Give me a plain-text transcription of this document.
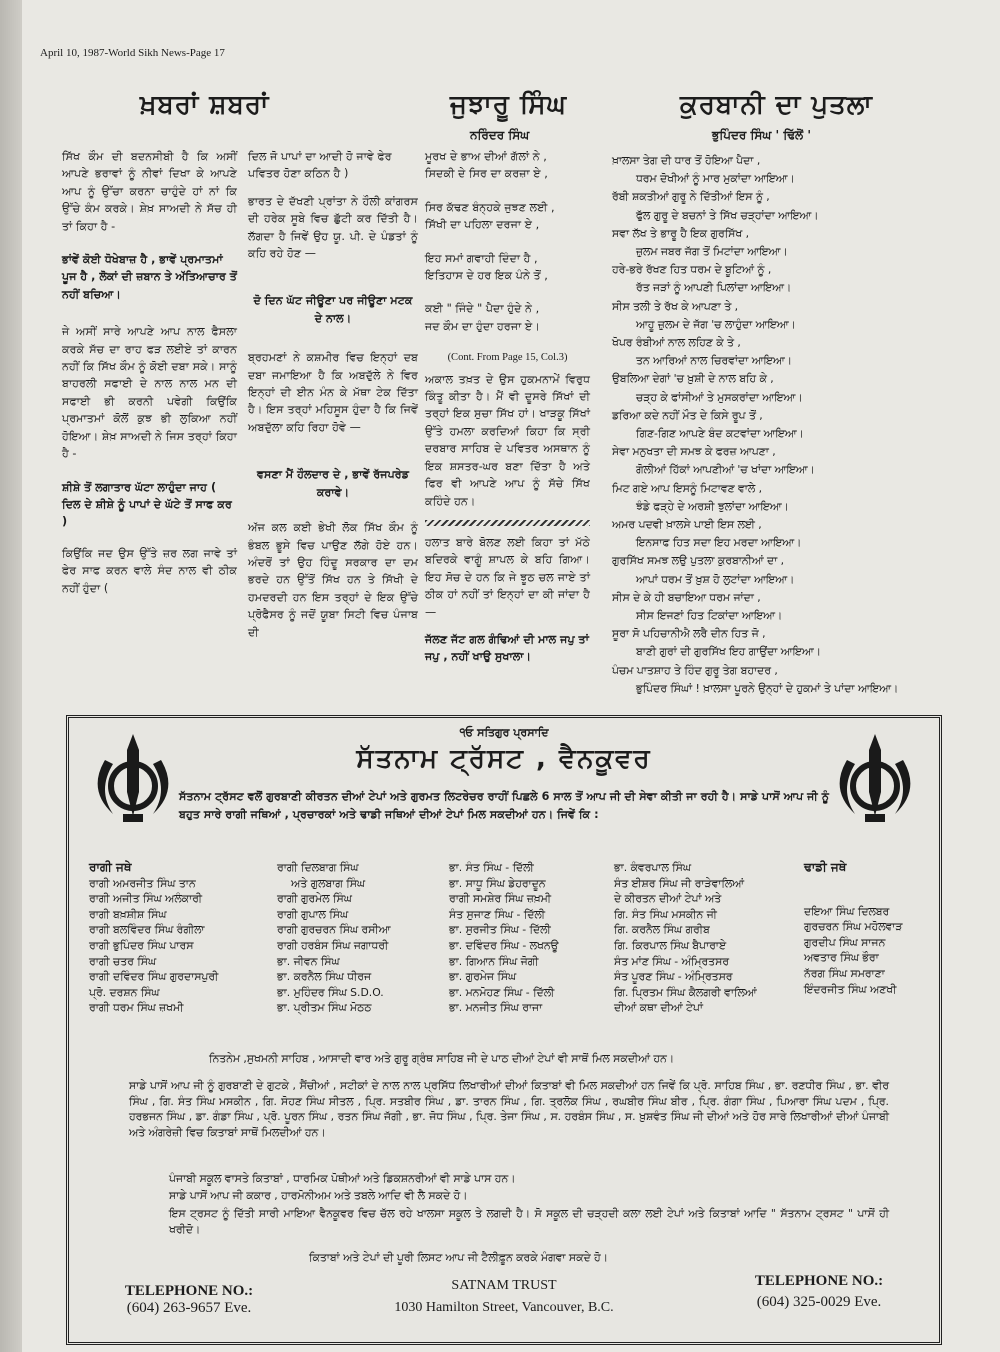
April 10, 1987-World Sikh News-Page 17
ਖ਼ਬਰਾਂ ਸ਼ਬਰਾਂ

ਸਿੱਖ ਕੌਮ ਦੀ ਬਦਨਸੀਬੀ ਹੈ ਕਿ ਅਸੀਂ ਆਪਣੇ ਭਰਾਵਾਂ ਨੂੰ ਨੀਵਾਂ ਦਿਖਾ ਕੇ ਆਪਣੇ ਆਪ ਨੂੰ ਉੱਚਾ ਕਰਨਾ ਚਾਹੁੰਦੇ ਹਾਂ ਨਾਂ ਕਿ ਉੱਚੇ ਕੰਮ ਕਰਕੇ। ਸ਼ੇਖ਼ ਸਾਅਦੀ ਨੇ ਸੱਚ ਹੀ ਤਾਂ ਕਿਹਾ ਹੈ -

ਭਾਂਵੇਂ ਕੋਈ ਧੋਖੇਬਾਜ਼ ਹੈ , ਭਾਵੇਂ ਪ੍ਰਮਾਤਮਾਂ ਪੂਜ ਹੈ , ਲੋਕਾਂ ਦੀ ਜ਼ਬਾਨ ਤੇ ਅੱਤਿਆਚਾਰ ਤੋਂ ਨਹੀਂ ਬਚਿਆ।

ਜੇ ਅਸੀਂ ਸਾਰੇ ਆਪਣੇ ਆਪ ਨਾਲ ਫੈਸਲਾ ਕਰਕੇ ਸੱਚ ਦਾ ਰਾਹ ਫੜ ਲਈਏ ਤਾਂ ਕਾਰਨ ਨਹੀਂ ਕਿ ਸਿੱਖ ਕੌਮ ਨੂੰ ਕੋਈ ਦਬਾ ਸਕੇ। ਸਾਨੂੰ ਬਾਹਰਲੀ ਸਫਾਈ ਦੇ ਨਾਲ ਨਾਲ ਮਨ ਦੀ ਸਫਾਈ ਭੀ ਕਰਨੀ ਪਵੇਗੀ ਕਿਉਂਕਿ ਪ੍ਰਮਾਤਮਾਂ ਕੋਲੋਂ ਕੁਝ ਭੀ ਲੁਕਿਆ ਨਹੀਂ ਹੋਇਆ। ਸ਼ੇਖ਼ ਸਾਅਦੀ ਨੇ ਜਿਸ ਤਰ੍ਹਾਂ ਕਿਹਾ ਹੈ -

ਸ਼ੀਸ਼ੇ ਤੋਂ ਲਗਾਤਾਰ ਘੱਟਾ ਲਾਹੁੰਦਾ ਜਾਹ ( ਦਿਲ ਦੇ ਸ਼ੀਸ਼ੇ ਨੂੰ ਪਾਪਾਂ ਦੇ ਘੱਟੇ ਤੋਂ ਸਾਫ ਕਰ )

ਕਿਉਂਕਿ ਜਦ ਉਸ ਉੱਤੇ ਜ਼ਰ ਲਗ ਜਾਵੇ ਤਾਂ ਫੇਰ ਸਾਫ ਕਰਨ ਵਾਲੇ ਸੰਦ ਨਾਲ ਵੀ ਠੀਕ ਨਹੀਂ ਹੁੰਦਾ (

ਦਿਲ ਜੋ ਪਾਪਾਂ ਦਾ ਆਦੀ ਹੋ ਜਾਵੇ ਫੇਰ ਪਵਿਤਰ ਹੋਣਾ ਕਠਿਨ ਹੈ )

ਭਾਰਤ ਦੇ ਦੱਖਣੀ ਪ੍ਰਾਂਤਾ ਨੇ ਹੌਲੀ ਕਾਂਗਰਸ ਦੀ ਹਰੇਕ ਸੂਬੇ ਵਿਚ ਛੁੱਟੀ ਕਰ ਦਿੱਤੀ ਹੈ। ਲੱਗਦਾ ਹੈ ਜਿਵੇਂ ਉਹ ਯੂ. ਪੀ. ਦੇ ਪੰਡਤਾਂ ਨੂੰ ਕਹਿ ਰਹੇ ਹੋਣ —

ਦੋ ਦਿਨ ਘੱਟ ਜੀਊਣਾ ਪਰ ਜੀਊਣਾ ਮਟਕ ਦੇ ਨਾਲ।

ਬ੍ਰਹਮਣਾਂ ਨੇ ਕਸ਼ਮੀਰ ਵਿਚ ਇਨ੍ਹਾਂ ਦਬ ਦਬਾ ਜਮਾਇਆ ਹੈ ਕਿ ਅਬਦੁੱਲੇ ਨੇ ਵਿਰ ਇਨ੍ਹਾਂ ਦੀ ਈਨ ਮੰਨ ਕੇ ਮੱਥਾ ਟੇਕ ਦਿੱਤਾ ਹੈ। ਇਸ ਤਰ੍ਹਾਂ ਮਹਿਸੂਸ ਹੁੰਦਾ ਹੈ ਕਿ ਜਿਵੇਂ ਅਬਦੁੱਲਾ ਕਹਿ ਰਿਹਾ ਹੋਵੇ —

ਵਸਣਾ ਮੈਂ ਹੌਲਦਾਰ ਦੇ , ਭਾਵੇਂ ਰੱਜਪਰੇਡ ਕਰਾਵੇ।

ਅੱਜ ਕਲ ਕਈ ਭੇਖੀ ਲੋਕ ਸਿੱਖ ਕੌਮ ਨੂੰ ਭੰਬਲ ਭੂਸੇ ਵਿਚ ਪਾਉਣ ਲੱਗੇ ਹੋਏ ਹਨ। ਅੰਦਰੋਂ ਤਾਂ ਉਹ ਹਿੰਦੂ ਸਰਕਾਰ ਦਾ ਦਮ ਭਰਦੇ ਹਨ ਉੱਤੋਂ ਸਿੱਖ ਹਨ ਤੇ ਸਿੱਖੀ ਦੇ ਹਮਦਰਦੀ ਹਨ ਇਸ ਤਰ੍ਹਾਂ ਦੇ ਇਕ ਉੱਚੇ ਪ੍ਰੋਫੈਸਰ ਨੂੰ ਜਦੋਂ ਯੂਬਾ ਸਿਟੀ ਵਿਚ ਪੰਜਾਬ ਦੀ

ਜੁਝਾਰੂ ਸਿੰਘ
ਨਰਿੰਦਰ ਸਿੰਘ

ਮੂਰਖ ਦੇ ਭਾਅ ਦੀਆਂ ਗੱਲਾਂ ਨੇ ,
ਸਿਦਕੀ ਦੇ ਸਿਰ ਦਾ ਕਰਜ਼ਾ ਏ ,

ਸਿਰ ਕੱਢਣ ਬੰਨ੍ਹਕੇ ਜੁਝਣ ਲਈ ,
ਸਿੱਖੀ ਦਾ ਪਹਿਲਾ ਦਰਜਾ ਏ ,

ਇਹ ਸਮਾਂ ਗਵਾਹੀ ਦਿੰਦਾ ਹੈ ,
ਇਤਿਹਾਸ ਦੇ ਹਰ ਇਕ ਪੰਨੇ ਤੋਂ ,

ਕਈ " ਜਿੰਦੇ " ਪੈਦਾ ਹੁੰਦੇ ਨੇ ,
ਜਦ ਕੌਮ ਦਾ ਹੁੰਦਾ ਹਰਜਾ ਏ।

(Cont. From Page 15, Col.3)

ਅਕਾਲ ਤਖ਼ਤ ਦੇ ਉਸ ਹੁਕਮਨਾਮੇਂ ਵਿਰੁਧ ਕਿੰਤੂ ਕੀਤਾ ਹੈ। ਮੈਂ ਵੀ ਦੂਸਰੇ ਸਿੱਖਾਂ ਦੀ ਤਰ੍ਹਾਂ ਇਕ ਸੁਚਾ ਸਿੱਖ ਹਾਂ। ਖਾੜਕੂ ਸਿੱਖਾਂ ਉੱਤੇ ਹਮਲਾ ਕਰਦਿਆਂ ਕਿਹਾ ਕਿ ਸ੍ਰੀ ਦਰਬਾਰ ਸਾਹਿਬ ਦੇ ਪਵਿਤਰ ਅਸਥਾਨ ਨੂੰ ਇਕ ਸ਼ਸਤਰ-ਘਰ ਬਣਾ ਦਿੱਤਾ ਹੈ ਅਤੇ ਫਿਰ ਵੀ ਆਪਣੇ ਆਪ ਨੂੰ ਸੱਚੇ ਸਿੱਖ ਕਹਿੰਦੇ ਹਨ।

ਹਲਾਤ ਬਾਰੇ ਬੋਲਣ ਲਈ ਕਿਹਾ ਤਾਂ ਮੱਠੇ ਬਦਿਰਕੇ ਵਾਗੂੰ ਸ਼ਾਪਲ ਕੇ ਬਹਿ ਗਿਆ। ਇਹ ਸੋਚ ਦੇ ਹਨ ਕਿ ਜੇ ਝੂਠ ਚਲ ਜਾਏ ਤਾਂ ਠੀਕ ਹਾਂ ਨਹੀਂ ਤਾਂ ਇਨ੍ਹਾਂ ਦਾ ਕੀ ਜਾਂਦਾ ਹੈ —

ਜੱਲਣ ਜੱਟ ਗਲ ਗੰਢਿਆਂ ਦੀ ਮਾਲ ਜਪੁ ਤਾਂ ਜਪੁ , ਨਹੀਂ ਖਾਉ ਸੁਖਾਲਾ।

ਕੁਰਬਾਨੀ ਦਾ ਪੁਤਲਾ
ਭੁਪਿੰਦਰ ਸਿੰਘ ' ਢਿੱਲੋਂ '
ਖ਼ਾਲਸਾ ਤੇਗ ਦੀ ਧਾਰ ਤੋਂ ਹੋਇਆ ਪੈਦਾ ,
ਧਰਮ ਦੋਖੀਆਂ ਨੂੰ ਮਾਰ ਮੁਕਾਂਦਾ ਆਇਆ।
ਰੱਬੀ ਸ਼ਕਤੀਆਂ ਗੁਰੂ ਨੇ ਦਿੱਤੀਆਂ ਇਸ ਨੂੰ ,
ਫੁੱਲ ਗੁਰੂ ਦੇ ਬਚਨਾਂ ਤੇ ਸਿੱਖ ਚੜ੍ਹਾਂਦਾ ਆਇਆ।
ਸਵਾ ਲੱਖ ਤੇ ਭਾਰੂ ਹੈ ਇਕ ਗੁਰਸਿੱਖ ,
ਜ਼ੁਲਮ ਜਬਰ ਜੱਗ ਤੋਂ ਮਿਟਾਂਦਾ ਆਇਆ।
ਹਰੇ-ਭਰੇ ਰੱਖਣ ਹਿਤ ਧਰਮ ਦੇ ਬੂਟਿਆਂ ਨੂੰ ,
ਰੱਤ ਜੜਾਂ ਨੂੰ ਆਪਣੀ ਪਿਲਾਂਦਾ ਆਇਆ।
ਸੀਸ ਤਲੀ ਤੇ ਰੱਖ ਕੇ ਆਪਣਾ ਤੇ ,
ਆਹੂ ਜ਼ੁਲਮ ਦੇ ਜੱਗ 'ਚ ਲਾਹੁੰਦਾ ਆਇਆ।
ਖੋਪਰ ਰੰਬੀਆਂ ਨਾਲ ਲਹਿਣ ਕੇ ਤੇ ,
ਤਨ ਆਰਿਆਂ ਨਾਲ ਚਿਰਵਾਂਦਾ ਆਇਆ।
ਉਬਲਿਆ ਦੇਗਾਂ 'ਚ ਖ਼ੁਸ਼ੀ ਦੇ ਨਾਲ ਬਹਿ ਕੇ ,
ਚੜ੍ਹ ਕੇ ਫਾਂਸੀਆਂ ਤੇ ਮੁਸਕਰਾਂਦਾ ਆਇਆ।
ਡਰਿਆ ਕਦੇ ਨਹੀਂ ਮੌਤ ਦੇ ਕਿਸੇ ਰੂਪ ਤੋਂ ,
ਗਿਣ-ਗਿਣ ਆਪਣੇ ਬੰਦ ਕਟਵਾਂਦਾ ਆਇਆ।
ਸੇਵਾ ਮਨੁਖਤਾ ਦੀ ਸਮਝ ਕੇ ਫਰਜ਼ ਆਪਣਾ ,
ਗੋਲੀਆਂ ਹਿੱਕਾਂ ਆਪਣੀਆਂ 'ਚ ਖਾਂਦਾ ਆਇਆ।
ਮਿਟ ਗਏ ਆਪ ਇਸਨੂੰ ਮਿਟਾਵਣ ਵਾਲੇ ,
ਝੰਡੇ ਫੜ੍ਹੇ ਦੇ ਅਰਸ਼ੀ ਝੁਲਾਂਦਾ ਆਇਆ।
ਅਮਰ ਪਦਵੀ ਖ਼ਾਲਸੇ ਪਾਈ ਇਸ ਲਈ ,
ਇਨਸਾਫ ਹਿਤ ਸਦਾ ਇਹ ਮਰਦਾ ਆਇਆ।
ਗੁਰਸਿੱਖ ਸਮਝ ਲਉ ਪੁਤਲਾ ਕੁਰਬਾਨੀਆਂ ਦਾ ,
ਆਪਾਂ ਧਰਮ ਤੋਂ ਖ਼ੁਸ਼ ਹੋ ਲੁਟਾਂਦਾ ਆਇਆ।
ਸੀਸ ਦੇ ਕੇ ਹੀ ਬਚਾਇਆ ਧਰਮ ਜਾਂਦਾ ,
ਸੀਸ ਇਜਣਾਂ ਹਿਤ ਟਿਕਾਂਦਾ ਆਇਆ।
ਸੂਰਾ ਸੋ ਪਹਿਚਾਨੀਐ ਲਰੈ ਦੀਨ ਹਿਤ ਜੋ ,
ਬਾਣੀ ਗੁਰਾਂ ਦੀ ਗੁਰਸਿੱਖ ਇਹ ਗਾਉਂਦਾ ਆਇਆ।
ਪੰਚਮ ਪਾਤਸ਼ਾਹ ਤੇ ਹਿੰਦ ਗੁਰੂ ਤੇਗ ਬਹਾਦਰ ,
ਭੁਪਿੰਦਰ ਸਿੰਘਾਂ ! ਖ਼ਾਲਸਾ ਪੂਰਨੇ ਉਨ੍ਹਾਂ ਦੇ ਹੁਕਮਾਂ ਤੇ ਪਾਂਦਾ ਆਇਆ।
੧ਓ ਸਤਿਗੁਰ ਪ੍ਰਸਾਦਿ
ਸੱਤਨਾਮ ਟ੍ਰੱਸਟ , ਵੈਨਕੂਵਰ
ਸੱਤਨਾਮ ਟ੍ਰੱਸਟ ਵਲੋਂ ਗੁਰਬਾਣੀ ਕੀਰਤਨ ਦੀਆਂ ਟੇਪਾਂ ਅਤੇ ਗੁਰਮਤ ਲਿਟਰੇਚਰ ਰਾਹੀਂ ਪਿਛਲੇ 6 ਸਾਲ ਤੋਂ ਆਪ ਜੀ ਦੀ ਸੇਵਾ ਕੀਤੀ ਜਾ ਰਹੀ ਹੈ। ਸਾਡੇ ਪਾਸੋਂ ਆਪ ਜੀ ਨੂੰ ਬਹੁਤ ਸਾਰੇ ਰਾਗੀ ਜਥਿਆਂ , ਪ੍ਰਚਾਰਕਾਂ ਅਤੇ ਢਾਡੀ ਜਥਿਆਂ ਦੀਆਂ ਟੇਪਾਂ ਮਿਲ ਸਕਦੀਆਂ ਹਨ। ਜਿਵੇਂ ਕਿ :
ਰਾਗੀ ਜਥੇ
ਰਾਗੀ ਅਮਰਜੀਤ ਸਿੰਘ ਤਾਨ
ਰਾਗੀ ਅਜੀਤ ਸਿੰਘ ਅਲੰਕਾਰੀ
ਰਾਗੀ ਬਖ਼ਸ਼ੀਸ਼ ਸਿੰਘ
ਰਾਗੀ ਬਲਵਿੰਦਰ ਸਿੰਘ ਰੰਗੀਲਾ
ਰਾਗੀ ਭੁਪਿੰਦਰ ਸਿੰਘ ਪਾਰਸ
ਰਾਗੀ ਚਤਰ ਸਿੰਘ
ਰਾਗੀ ਦਵਿੰਦਰ ਸਿੰਘ ਗੁਰਦਾਸਪੁਰੀ
ਪ੍ਰੋ. ਦਰਸ਼ਨ ਸਿੰਘ
ਰਾਗੀ ਧਰਮ ਸਿੰਘ ਜ਼ਖਮੀ
ਰਾਗੀ ਦਿਲਬਾਗ ਸਿੰਘ
ਅਤੇ ਗੁਲਬਾਗ ਸਿੰਘ
ਰਾਗੀ ਗੁਰਮੇਲ ਸਿੰਘ
ਰਾਗੀ ਗੁਪਾਲ ਸਿੰਘ
ਰਾਗੀ ਗੁਰਚਰਨ ਸਿੰਘ ਰਸੀਆ
ਰਾਗੀ ਹਰਬੰਸ ਸਿੰਘ ਜਗਾਧਰੀ
ਭਾ. ਜੀਵਨ ਸਿੰਘ
ਭਾ. ਕਰਨੈਲ ਸਿੰਘ ਧੀਰਜ
ਭਾ. ਮੁਹਿੰਦਰ ਸਿੰਘ S.D.O.
ਭਾ. ਪ੍ਰੀਤਮ ਸਿੰਘ ਮੋਠਠ
ਭਾ. ਸੰਤ ਸਿੰਘ - ਦਿੱਲੀ
ਭਾ. ਸਾਧੂ ਸਿੰਘ ਡੇਹਰਾਦੂਨ
ਰਾਗੀ ਸਮਸ਼ੇਰ ਸਿੰਘ ਜ਼ਖ਼ਮੀ
ਸੰਤ ਸੁਜਾਣ ਸਿੰਘ - ਦਿੱਲੀ
ਭਾ. ਸੁਰਜੀਤ ਸਿੰਘ - ਦਿੱਲੀ
ਭਾ. ਦਵਿੰਦਰ ਸਿੰਘ - ਲਖਨਊ
ਭਾ. ਗਿਆਨ ਸਿੰਘ ਜੋਗੀ
ਭਾ. ਗੁਰਮੇਜ ਸਿੰਘ
ਭਾ. ਮਨਮੋਹਣ ਸਿੰਘ - ਦਿੱਲੀ
ਭਾ. ਮਨਜੀਤ ਸਿੰਘ ਰਾਜਾ
ਭਾ. ਕੰਵਰਪਾਲ ਸਿੰਘ
ਸੰਤ ਈਸ਼ਰ ਸਿੰਘ ਜੀ ਰਾੜੇਵਾਲਿਆਂ
ਦੇ ਕੀਰਤਨ ਦੀਆਂ ਟੇਪਾਂ ਅਤੇ
ਗਿ. ਸੰਤ ਸਿੰਘ ਮਸਕੀਨ ਜੀ
ਗਿ. ਕਰਨੈਲ ਸਿੰਘ ਗਰੀਬ
ਗਿ. ਕਿਰਪਾਲ ਸਿੰਘ ਬੈਪਾਰਾਏ
ਸੰਤ ਮਾਂਣ ਸਿੰਘ - ਅੰਮ੍ਰਿਤਸਰ
ਸੰਤ ਪੂਰਣ ਸਿੰਘ - ਅੰਮ੍ਰਿਤਸਰ
ਗਿ. ਪ੍ਰਿਤਮ ਸਿੰਘ ਕੈਲਗਰੀ ਵਾਲਿਆਂ
ਦੀਆਂ ਕਥਾ ਦੀਆਂ ਟੇਪਾਂ
ਢਾਡੀ ਜਥੇ
ਦਇਆ ਸਿੰਘ ਦਿਲਬਰ
ਗੁਰਚਰਨ ਸਿੰਘ ਮਹੋਲਵਾੜ
ਗੁਰਦੀਪ ਸਿੰਘ ਸਾਜਨ
ਅਵਤਾਰ ਸਿੰਘ ਭੌਰਾ
ਨੱਰਗ ਸਿੰਘ ਸਮਰਾਣਾ
ਇੰਦਰਜੀਤ ਸਿੰਘ ਅਣਖੀ
ਨਿਤਨੇਮ ,ਸੁਖਮਨੀ ਸਾਹਿਬ , ਆਸਾਦੀ ਵਾਰ ਅਤੇ ਗੁਰੂ ਗ੍ਰੰਥ ਸਾਹਿਬ ਜੀ ਦੇ ਪਾਠ ਦੀਆਂ ਟੇਪਾਂ ਵੀ ਸਾਥੋਂ ਮਿਲ ਸਕਦੀਆਂ ਹਨ।
ਸਾਡੇ ਪਾਸੋਂ ਆਪ ਜੀ ਨੂੰ ਗੁਰਬਾਣੀ ਦੇ ਗੁਟਕੇ , ਸੈਂਚੀਆਂ , ਸਟੀਕਾਂ ਦੇ ਨਾਲ ਨਾਲ ਪ੍ਰਸਿੱਧ ਲਿਖਾਰੀਆਂ ਦੀਆਂ ਕਿਤਾਬਾਂ ਵੀ ਮਿਲ ਸਕਦੀਆਂ ਹਨ ਜਿਵੇਂ ਕਿ ਪ੍ਰੋ. ਸਾਹਿਬ ਸਿੰਘ , ਭਾ. ਰਣਧੀਰ ਸਿੰਘ , ਭਾ. ਵੀਰ ਸਿੰਘ , ਗਿ. ਸੰਤ ਸਿੰਘ ਮਸਕੀਨ , ਗਿ. ਸੋਹਣ ਸਿੰਘ ਸੀਤਲ , ਪ੍ਰਿ. ਸਤਬੀਰ ਸਿੰਘ , ਡਾ. ਤਾਰਨ ਸਿੰਘ , ਗਿ. ਤ੍ਰਲੋਕ ਸਿੰਘ , ਰਘਬੀਰ ਸਿੰਘ ਬੀਰ , ਪ੍ਰਿ. ਗੰਗਾ ਸਿੰਘ , ਪਿਆਰਾ ਸਿੰਘ ਪਦਮ , ਪ੍ਰਿ. ਹਰਭਜਨ ਸਿੰਘ , ਡਾ. ਗੰਡਾ ਸਿੰਘ , ਪ੍ਰੋ. ਪੂਰਨ ਸਿੰਘ , ਰਤਨ ਸਿੰਘ ਜੱਗੀ , ਭਾ. ਜੋਧ ਸਿੰਘ , ਪ੍ਰਿ. ਤੇਜਾ ਸਿੰਘ , ਸ. ਹਰਬੰਸ ਸਿੰਘ , ਸ. ਖ਼ੁਸ਼ਵੰਤ ਸਿੰਘ ਜੀ ਦੀਆਂ ਅਤੇ ਹੋਰ ਸਾਰੇ ਲਿਖਾਰੀਆਂ ਦੀਆਂ ਪੰਜਾਬੀ ਅਤੇ ਅੰਗਰੇਜ਼ੀ ਵਿਚ ਕਿਤਾਬਾਂ ਸਾਥੋਂ ਮਿਲਦੀਆਂ ਹਨ।
ਪੰਜਾਬੀ ਸਕੂਲ ਵਾਸਤੇ ਕਿਤਾਬਾਂ , ਧਾਰਮਿਕ ਪੋਥੀਆਂ ਅਤੇ ਡਿਕਸ਼ਨਰੀਆਂ ਵੀ ਸਾਡੇ ਪਾਸ ਹਨ।
ਸਾਡੇ ਪਾਸੋਂ ਆਪ ਜੀ ਕਕਾਰ , ਹਾਰਮੋਨੀਅਮ ਅਤੇ ਤਬਲੇ ਆਦਿ ਵੀ ਲੈ ਸਕਦੇ ਹੋ।
ਇਸ ਟ੍ਰਸਟ ਨੂੰ ਦਿੱਤੀ ਸਾਰੀ ਮਾਇਆ ਵੈਨਕੂਵਰ ਵਿਚ ਚੱਲ ਰਹੇ ਖਾਲਸਾ ਸਕੂਲ ਤੇ ਲਗਦੀ ਹੈ। ਸੋ ਸਕੂਲ ਦੀ ਚੜ੍ਹਦੀ ਕਲਾ ਲਈ ਟੇਪਾਂ ਅਤੇ ਕਿਤਾਬਾਂ ਆਦਿ " ਸੱਤਨਾਮ ਟ੍ਰਸਟ " ਪਾਸੋਂ ਹੀ ਖਰੀਦੋ।
ਕਿਤਾਬਾਂ ਅਤੇ ਟੇਪਾਂ ਦੀ ਪੂਰੀ ਲਿਸਟ ਆਪ ਜੀ ਟੈਲੀਫ਼ੂਨ ਕਰਕੇ ਮੰਗਵਾ ਸਕਦੇ ਹੋ।
TELEPHONE NO.:
(604) 263-9657 Eve.
SATNAM TRUST
1030 Hamilton Street, Vancouver, B.C.
TELEPHONE NO.:
(604) 325-0029 Eve.
